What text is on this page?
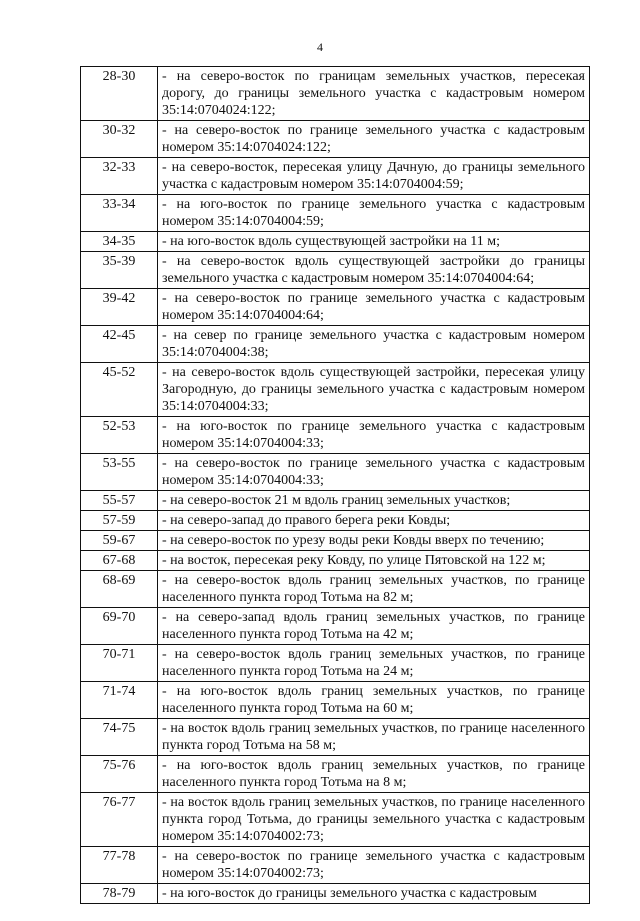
4
28-30	- на северо-восток по границам земельных участков, пересекая дорогу, до границы земельного участка с кадастровым номером 35:14:0704024:122;
30-32	- на северо-восток по границе земельного участка с кадастровым номером 35:14:0704024:122;
32-33	- на северо-восток, пересекая улицу Дачную, до границы земельного участка с кадастровым номером 35:14:0704004:59;
33-34	- на юго-восток по границе земельного участка с кадастровым номером 35:14:0704004:59;
34-35	- на юго-восток вдоль существующей застройки на 11 м;
35-39	- на северо-восток вдоль существующей застройки до границы земельного участка с кадастровым номером 35:14:0704004:64;
39-42	- на северо-восток по границе земельного участка с кадастровым номером 35:14:0704004:64;
42-45	- на север по границе земельного участка с кадастровым номером 35:14:0704004:38;
45-52	- на северо-восток вдоль существующей застройки, пересекая улицу Загородную, до границы земельного участка с кадастровым номером 35:14:0704004:33;
52-53	- на юго-восток по границе земельного участка с кадастровым номером 35:14:0704004:33;
53-55	- на северо-восток по границе земельного участка с кадастровым номером 35:14:0704004:33;
55-57	- на северо-восток 21 м вдоль границ земельных участков;
57-59	- на северо-запад до правого берега реки Ковды;
59-67	- на северо-восток по урезу воды реки Ковды вверх по течению;
67-68	- на восток, пересекая реку Ковду, по улице Пятовской на 122 м;
68-69	- на северо-восток вдоль границ земельных участков, по границе населенного пункта город Тотьма на 82 м;
69-70	- на северо-запад вдоль границ земельных участков, по границе населенного пункта город Тотьма на 42 м;
70-71	- на северо-восток вдоль границ земельных участков, по границе населенного пункта город Тотьма на 24 м;
71-74	- на юго-восток вдоль границ земельных участков, по границе населенного пункта город Тотьма на 60 м;
74-75	- на восток вдоль границ земельных участков, по границе населенного пункта город Тотьма на 58 м;
75-76	- на юго-восток вдоль границ земельных участков, по границе населенного пункта город Тотьма на 8 м;
76-77	- на восток вдоль границ земельных участков, по границе населенного пункта город Тотьма, до границы земельного участка с кадастровым номером 35:14:0704002:73;
77-78	- на северо-восток по границе земельного участка с кадастровым номером 35:14:0704002:73;
78-79	- на юго-восток до границы земельного участка с кадастровым
